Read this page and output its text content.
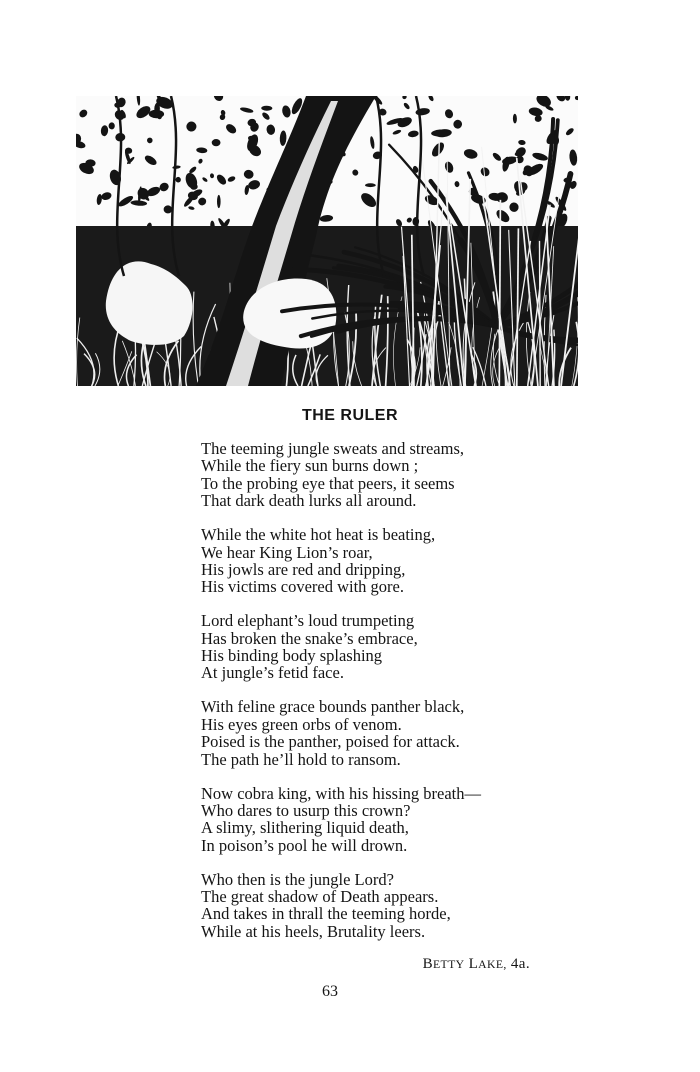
THE RULER
The teeming jungle sweats and streams,
While the fiery sun burns down ;
To the probing eye that peers, it seems
That dark death lurks all around.
While the white hot heat is beating,
We hear King Lion’s roar,
His jowls are red and dripping,
His victims covered with gore.
Lord elephant’s loud trumpeting
Has broken the snake’s embrace,
His binding body splashing
At jungle’s fetid face.
With feline grace bounds panther black,
His eyes green orbs of venom.
Poised is the panther, poised for attack.
The path he’ll hold to ransom.
Now cobra king, with his hissing breath—
Who dares to usurp this crown?
A slimy, slithering liquid death,
In poison’s pool he will drown.
Who then is the jungle Lord?
The great shadow of Death appears.
And takes in thrall the teeming horde,
While at his heels, Brutality leers.
BETTY LAKE, 4a.
63
